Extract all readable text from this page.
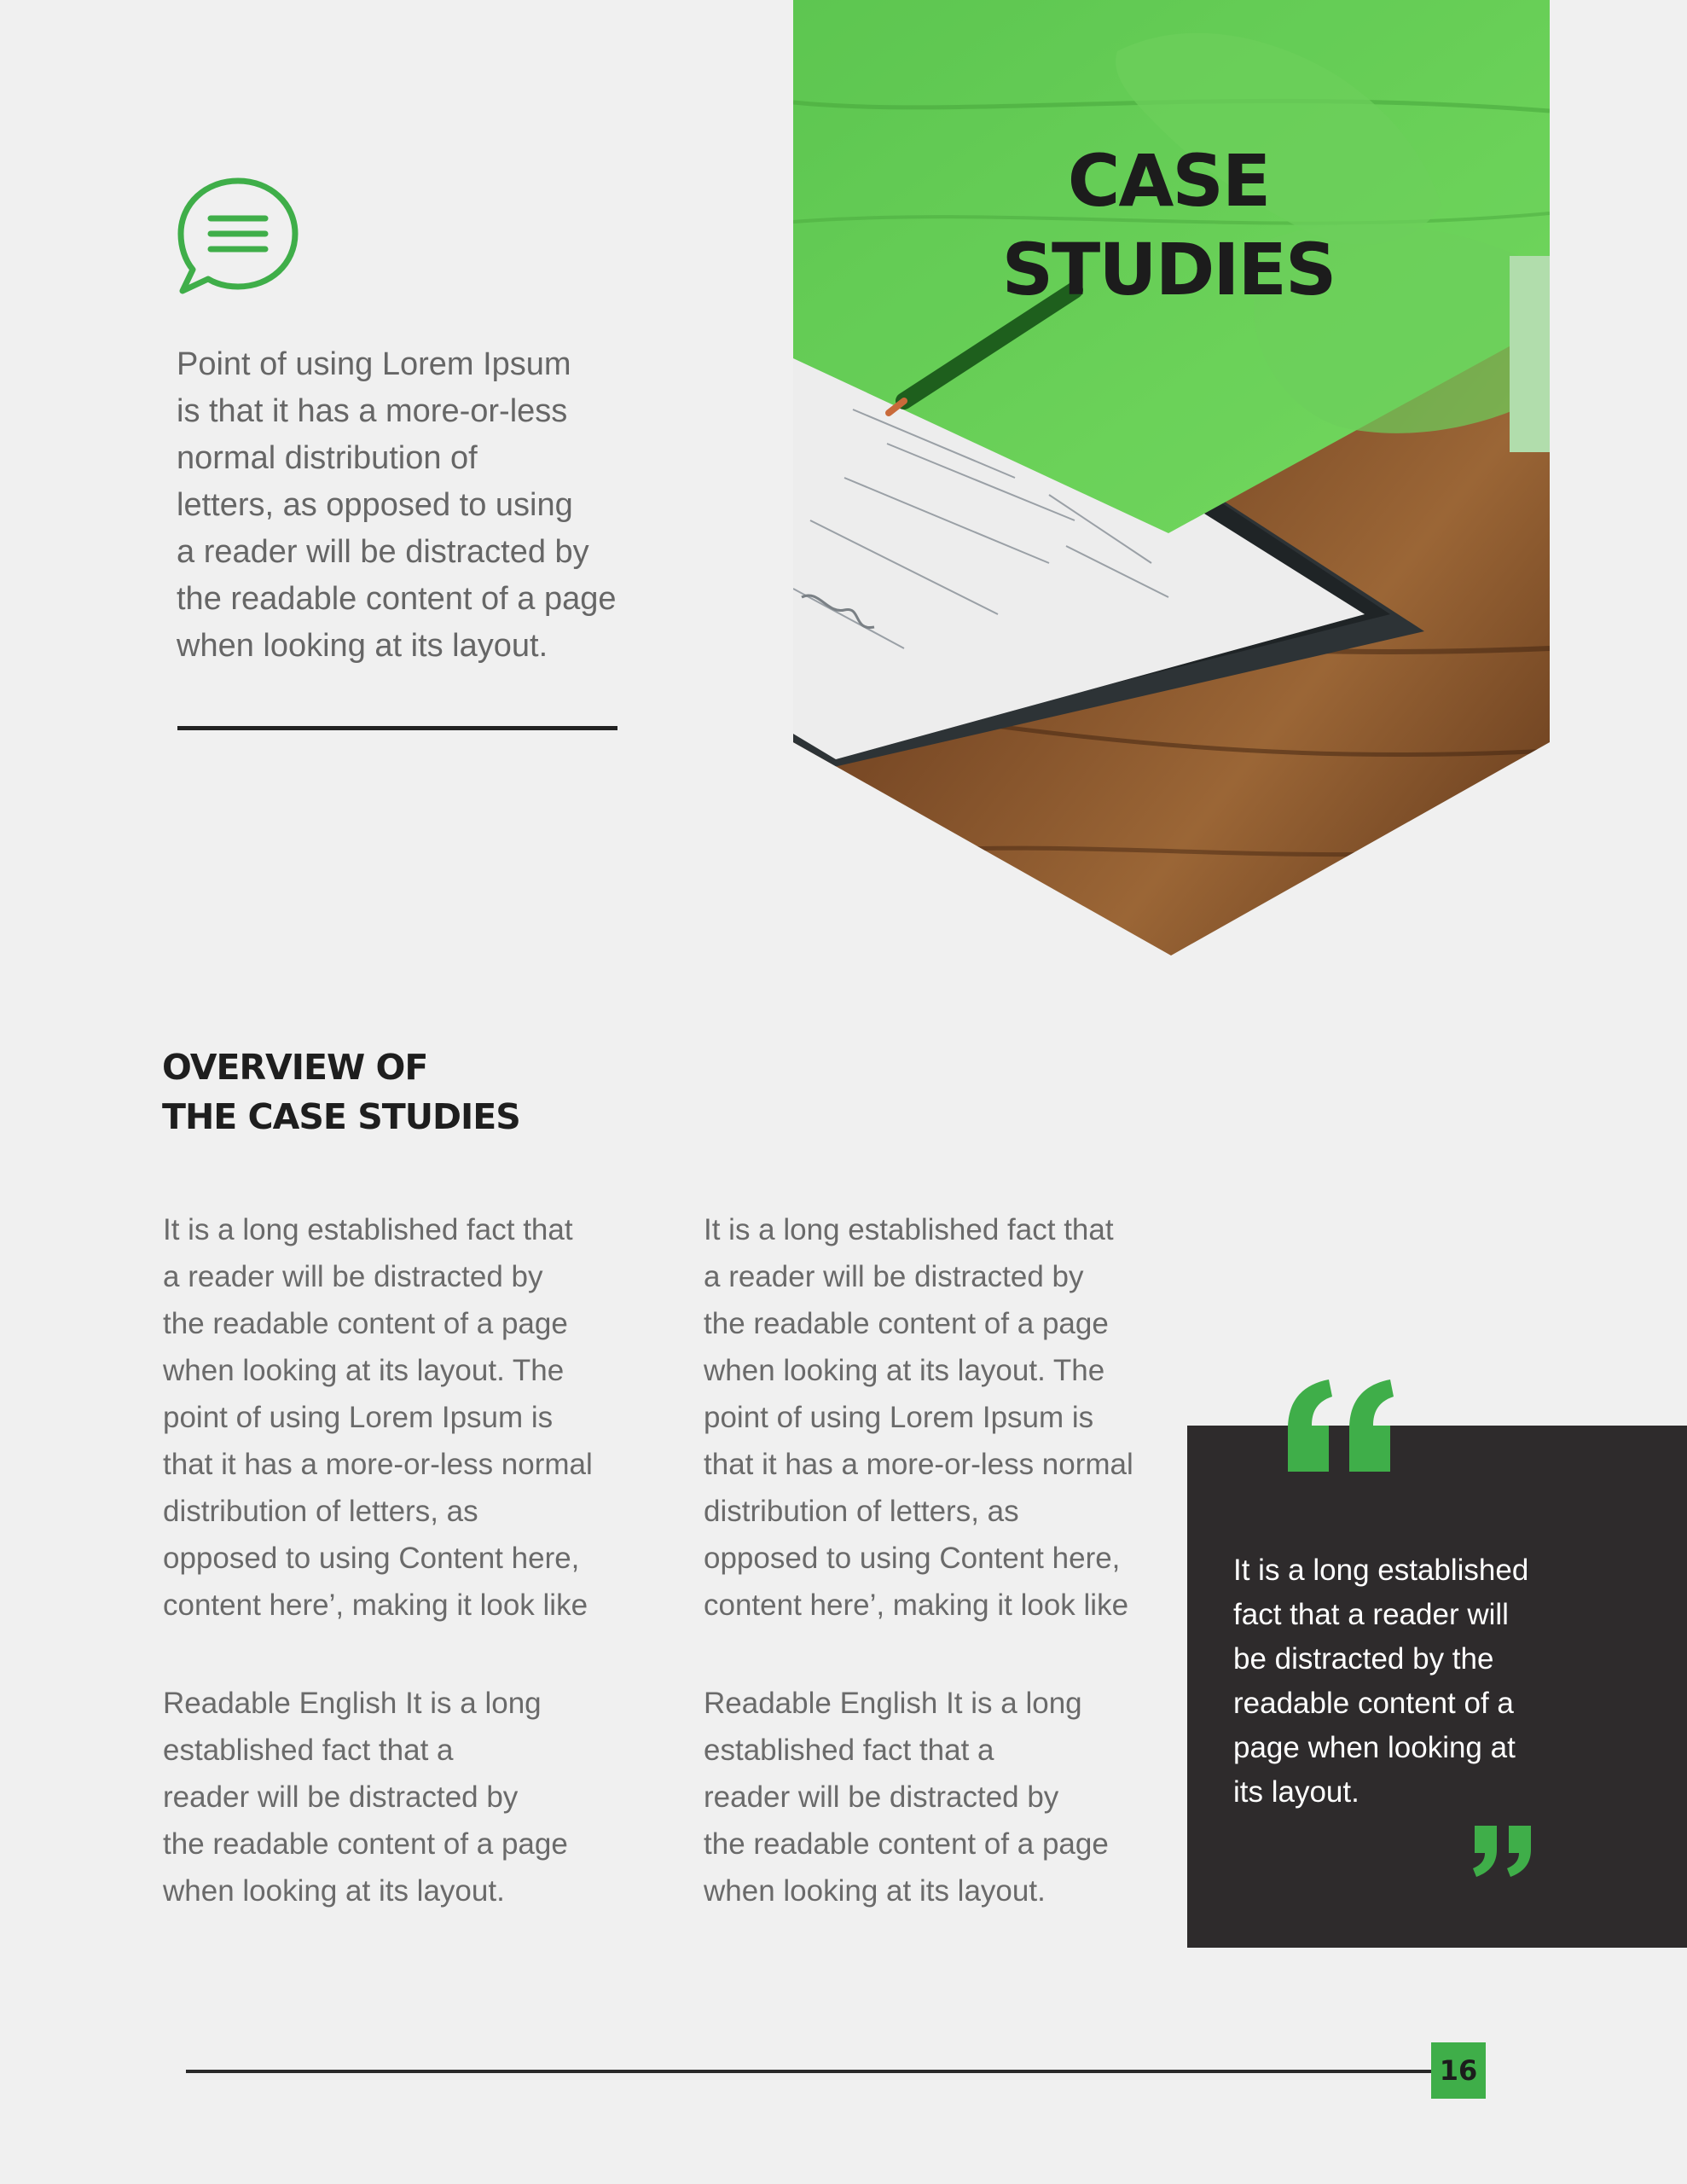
Point of using Lorem Ipsum
is that it has a more-or-less
normal distribution of
letters, as opposed to using
a reader will be distracted by
the readable content of a page
when looking at its layout.
CASE
STUDIES
OVERVIEW OF
THE CASE STUDIES
It is a long established fact that
a reader will be distracted by
the readable content of a page
when looking at its layout. The
point of using Lorem Ipsum is
that it has a more-or-less normal
distribution of letters, as
opposed to using Content here,
content here’, making it look like
Readable English It is a long
established fact that a
reader will be distracted by
the readable content of a page
when looking at its layout.
It is a long established fact that
a reader will be distracted by
the readable content of a page
when looking at its layout. The
point of using Lorem Ipsum is
that it has a more-or-less normal
distribution of letters, as
opposed to using Content here,
content here’, making it look like
Readable English It is a long
established fact that a
reader will be distracted by
the readable content of a page
when looking at its layout.
It is a long established
fact that a reader will
be distracted by the
readable content of a
page when looking at
its layout.
16
